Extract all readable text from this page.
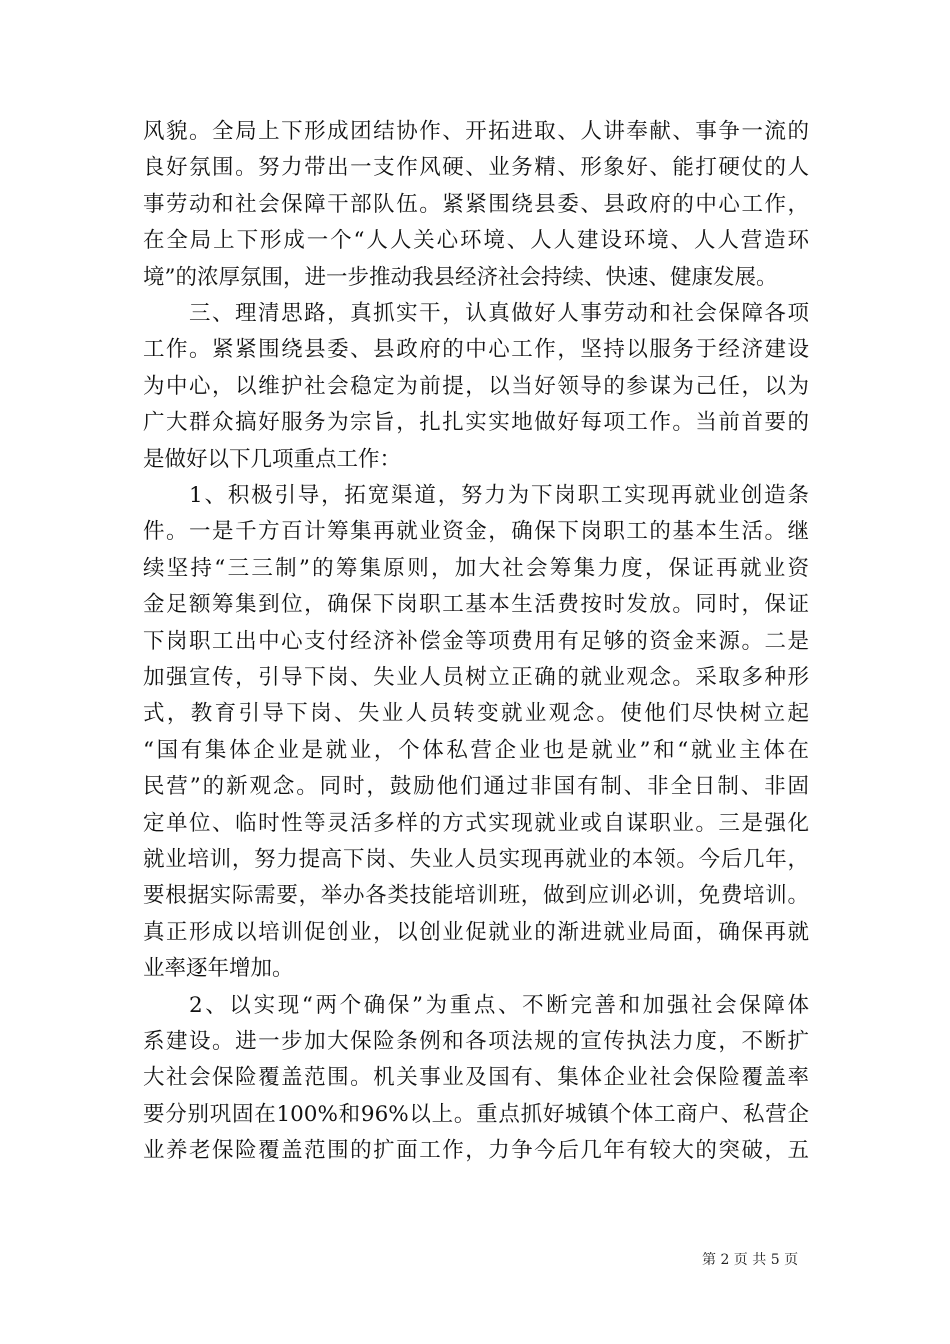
风貌。全局上下形成团结协作、开拓进取、人讲奉献、事争一流的
良好氛围。努力带出一支作风硬、业务精、形象好、能打硬仗的人
事劳动和社会保障干部队伍。紧紧围绕县委、县政府的中心工作，
在全局上下形成一个“人人关心环境、人人建设环境、人人营造环
境”的浓厚氛围，进一步推动我县经济社会持续、快速、健康发展。
三、理清思路，真抓实干，认真做好人事劳动和社会保障各项
工作。紧紧围绕县委、县政府的中心工作，坚持以服务于经济建设
为中心，以维护社会稳定为前提，以当好领导的参谋为己任，以为
广大群众搞好服务为宗旨，扎扎实实地做好每项工作。当前首要的
是做好以下几项重点工作：
1、积极引导，拓宽渠道，努力为下岗职工实现再就业创造条
件。一是千方百计筹集再就业资金，确保下岗职工的基本生活。继
续坚持“三三制”的筹集原则，加大社会筹集力度，保证再就业资
金足额筹集到位，确保下岗职工基本生活费按时发放。同时，保证
下岗职工出中心支付经济补偿金等项费用有足够的资金来源。二是
加强宣传，引导下岗、失业人员树立正确的就业观念。采取多种形
式，教育引导下岗、失业人员转变就业观念。使他们尽快树立起
“国有集体企业是就业，个体私营企业也是就业”和“就业主体在
民营”的新观念。同时，鼓励他们通过非国有制、非全日制、非固
定单位、临时性等灵活多样的方式实现就业或自谋职业。三是强化
就业培训，努力提高下岗、失业人员实现再就业的本领。今后几年，
要根据实际需要，举办各类技能培训班，做到应训必训，免费培训。
真正形成以培训促创业，以创业促就业的渐进就业局面，确保再就
业率逐年增加。
2、以实现“两个确保”为重点、不断完善和加强社会保障体
系建设。进一步加大保险条例和各项法规的宣传执法力度，不断扩
大社会保险覆盖范围。机关事业及国有、集体企业社会保险覆盖率
要分别巩固在100%和96%以上。重点抓好城镇个体工商户、私营企
业养老保险覆盖范围的扩面工作，力争今后几年有较大的突破，五
第 2 页 共 5 页
